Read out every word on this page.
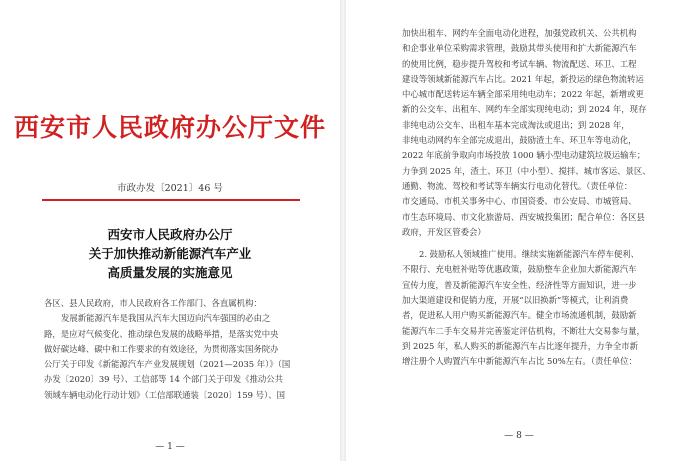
西安市人民政府办公厅文件
市政办发〔2021〕46 号
西安市人民政府办公厅
关于加快推动新能源汽车产业
高质量发展的实施意见

各区、县人民政府，市人民政府各工作部门、各直属机构：

发展新能源汽车是我国从汽车大国迈向汽车强国的必由之

路，是应对气候变化、推动绿色发展的战略举措，是落实党中央

做好碳达峰、碳中和工作要求的有效途径，为贯彻落实国务院办

公厅关于印发《新能源汽车产业发展规划（2021—2035 年）》（国

办发〔2020〕39 号）、工信部等 14 个部门关于印发《推动公共

领域车辆电动化行动计划》（工信部联通装〔2020〕159 号）、国

— 1 —

加快出租车、网约车全面电动化进程，加强党政机关、公共机构

和企事业单位采购需求管理，鼓励其带头使用和扩大新能源汽车

的使用比例，稳步提升驾校和考试车辆、物流配送、环卫、工程

建设等领域新能源汽车占比。2021 年起，新投运的绿色物流转运

中心城市配送转运车辆全部采用纯电动车；2022 年起，新增或更

新的公交车、出租车、网约车全部实现纯电动；到 2024 年，现存

非纯电动公交车、出租车基本完成淘汰或退出；到 2028 年，

非纯电动网约车全部完成退出，鼓励渣土车、环卫车等电动化，

2022 年底前争取向市场投放 1000 辆小型电动建筑垃圾运输车；

力争到 2025 年，渣土、环卫（中小型）、搅拌、城市客运、景区、

通勤、物流、驾校和考试等车辆实行电动化替代。（责任单位：

市交通局、市机关事务中心、市国资委、市公安局、市城管局、

市生态环境局、市文化旅游局、西安城投集团；配合单位：各区县

政府，开发区管委会）

2. 鼓励私人领域推广使用。继续实施新能源汽车停车便利、

不限行、充电桩补贴等优惠政策，鼓励整车企业加大新能源汽车

宣传力度，普及新能源汽车安全性、经济性等方面知识，进一步

加大渠道建设和促销力度，开展“以旧换新”等模式，让利消费

者，促进私人用户购买新能源汽车。健全市场流通机制，鼓励新

能源汽车二手车交易并完善鉴定评估机构，不断壮大交易参与量，

到 2025 年，私人购买的新能源汽车占比逐年提升，力争全市新

增注册个人购置汽车中新能源汽车占比 50%左右。（责任单位：

— 8 —
